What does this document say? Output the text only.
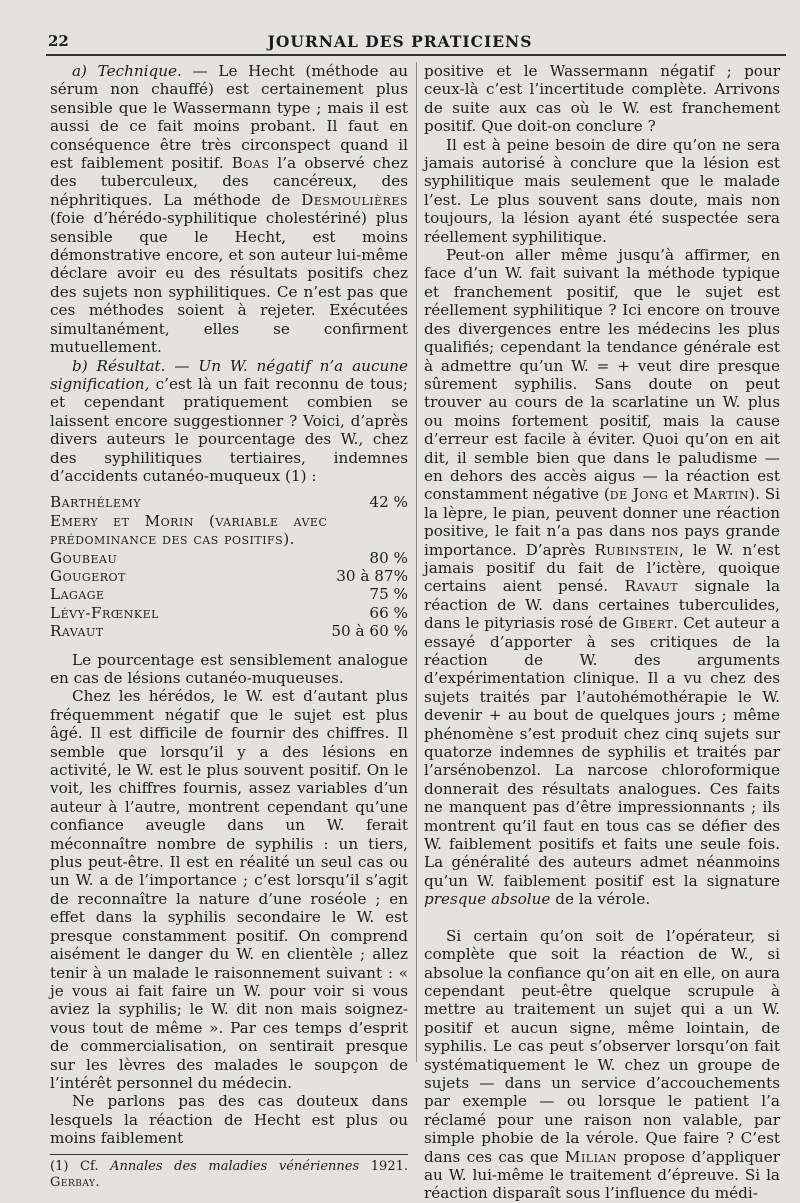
22	JOURNAL DES PRATICIENS

a) Technique. — Le Hecht (méthode au sérum non chauffé) est certainement plus sensible que le Wassermann type ; mais il est aussi de ce fait moins probant. Il faut en conséquence être très circonspect quand il est faiblement positif. Boas l’a observé chez des tuberculeux, des cancéreux, des néphritiques. La méthode de Desmoulières (foie d’hérédo-syphilitique cholestériné) plus sensible que le Hecht, est moins démonstrative encore, et son auteur lui-même déclare avoir eu des résultats positifs chez des sujets non syphilitiques. Ce n’est pas que ces méthodes soient à rejeter. Exécutées simultanément, elles se confirment mutuellement.

b) Résultat. — Un W. négatif n’a aucune signification, c’est là un fait reconnu de tous; et cependant pratiquement combien se laissent encore suggestionner ? Voici, d’après divers auteurs le pourcentage des W., chez des syphilitiques tertiaires, indemnes d’accidents cutanéo-muqueux (1) :

Barthélemy	42 %
Emery et Morin (variable avec prédominance des cas positifs).	
Goubeau	80 %
Gougerot	30 à 87%
Lagage	75 %
Lévy-Frœnkel	66 %
Ravaut	50 à 60 %

Le pourcentage est sensiblement analogue en cas de lésions cutanéo-muqueuses.

Chez les hérédos, le W. est d’autant plus fréquemment négatif que le sujet est plus âgé. Il est difficile de fournir des chiffres. Il semble que lorsqu’il y a des lésions en activité, le W. est le plus souvent positif. On le voit, les chiffres fournis, assez variables d’un auteur à l’autre, montrent cependant qu’une confiance aveugle dans un W. ferait méconnaître nombre de syphilis : un tiers, plus peut-être. Il est en réalité un seul cas ou un W. a de l’importance ; c’est lorsqu’il s’agit de reconnaître la nature d’une roséole ; en effet dans la syphilis secondaire le W. est presque constamment positif. On comprend aisément le danger du W. en clientèle ; allez tenir à un malade le raisonnement suivant : « je vous ai fait faire un W. pour voir si vous aviez la syphilis; le W. dit non mais soignez-vous tout de même ». Par ces temps d’esprit de commercialisation, on sentirait presque sur les lèvres des malades le soupçon de l’intérêt personnel du médecin.

Ne parlons pas des cas douteux dans lesquels la réaction de Hecht est plus ou moins faiblement

(1) Cf. Annales des maladies vénériennes 1921. Gerbay.

positive et le Wassermann négatif ; pour ceux-là c’est l’incertitude complète. Arrivons de suite aux cas où le W. est franchement positif. Que doit-on conclure ?

Il est à peine besoin de dire qu’on ne sera jamais autorisé à conclure que la lésion est syphilitique mais seulement que le malade l’est. Le plus souvent sans doute, mais non toujours, la lésion ayant été suspectée sera réellement syphilitique.

Peut-on aller même jusqu’à affirmer, en face d’un W. fait suivant la méthode typique et franchement positif, que le sujet est réellement syphilitique ? Ici encore on trouve des divergences entre les médecins les plus qualifiés; cependant la tendance générale est à admettre qu’un W. = + veut dire presque sûrement syphilis. Sans doute on peut trouver au cours de la scarlatine un W. plus ou moins fortement positif, mais la cause d’erreur est facile à éviter. Quoi qu’on en ait dit, il semble bien que dans le paludisme — en dehors des accès aigus — la réaction est constamment négative (de Jong et Martin). Si la lèpre, le pian, peuvent donner une réaction positive, le fait n’a pas dans nos pays grande importance. D’après Rubinstein, le W. n’est jamais positif du fait de l’ictère, quoique certains aient pensé. Ravaut signale la réaction de W. dans certaines tuberculides, dans le pityriasis rosé de Gibert. Cet auteur a essayé d’apporter à ses critiques de la réaction de W. des arguments d’expérimentation clinique. Il a vu chez des sujets traités par l’autohémothérapie le W. devenir + au bout de quelques jours ; même phénomène s’est produit chez cinq sujets sur quatorze indemnes de syphilis et traités par l’arsénobenzol. La narcose chloroformique donnerait des résultats analogues. Ces faits ne manquent pas d’être impressionnants ; ils montrent qu’il faut en tous cas se défier des W. faiblement positifs et faits une seule fois. La généralité des auteurs admet néanmoins qu’un W. faiblement positif est la signature presque absolue de la vérole.

Si certain qu’on soit de l’opérateur, si complète que soit la réaction de W., si absolue la confiance qu’on ait en elle, on aura cependant peut-être quelque scrupule à mettre au traitement un sujet qui a un W. positif et aucun signe, même lointain, de syphilis. Le cas peut s’observer lorsqu’on fait systématiquement le W. chez un groupe de sujets — dans un service d’accouchements par exemple — ou lorsque le patient l’a réclamé pour une raison non valable, par simple phobie de la vérole. Que faire ? C’est dans ces cas que Milian propose d’appliquer au W. lui-même le traitement d’épreuve. Si la réaction disparaît sous l’influence du médi-
